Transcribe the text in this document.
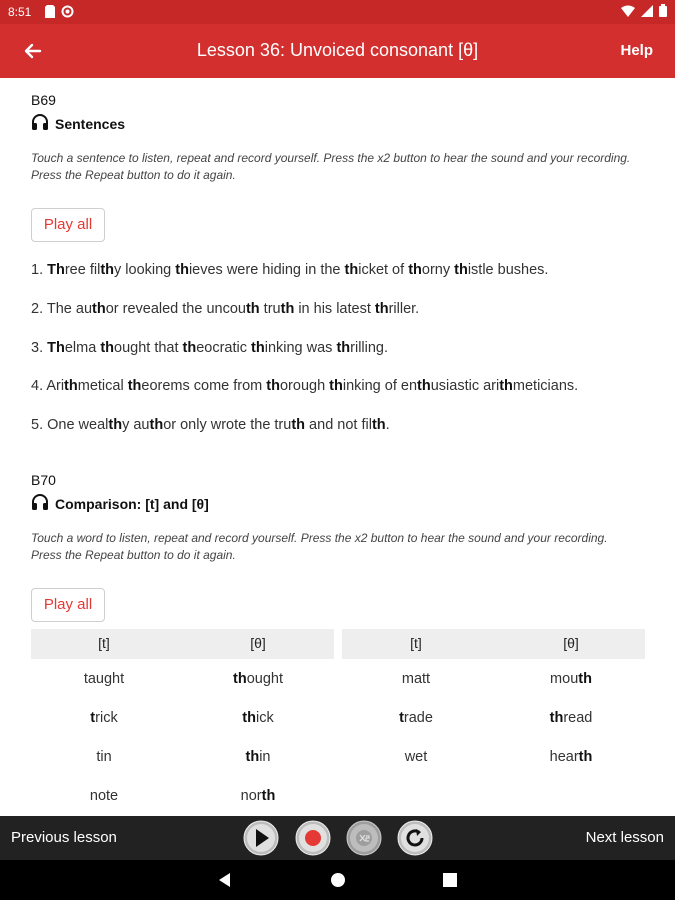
8:51
Lesson 36: Unvoiced consonant [θ]	Help
B69
Sentences
Touch a sentence to listen, repeat and record yourself. Press the x2 button to hear the sound and your recording. Press the Repeat button to do it again.
Play all
1. Three filthy looking thieves were hiding in the thicket of thorny thistle bushes.
2. The author revealed the uncouth truth in his latest thriller.
3. Thelma thought that theocratic thinking was thrilling.
4. Arithmetical theorems come from thorough thinking of enthusiastic arithmeticians.
5. One wealthy author only wrote the truth and not filth.
B70
Comparison: [t] and [θ]
Touch a word to listen, repeat and record yourself. Press the x2 button to hear the sound and your recording. Press the Repeat button to do it again.
Play all
[t]	[θ]	[t]	[θ]
taught	thought	matt	mouth
trick	thick	trade	thread
tin	thin	wet	hearth
note	north
Previous lesson	Next lesson
